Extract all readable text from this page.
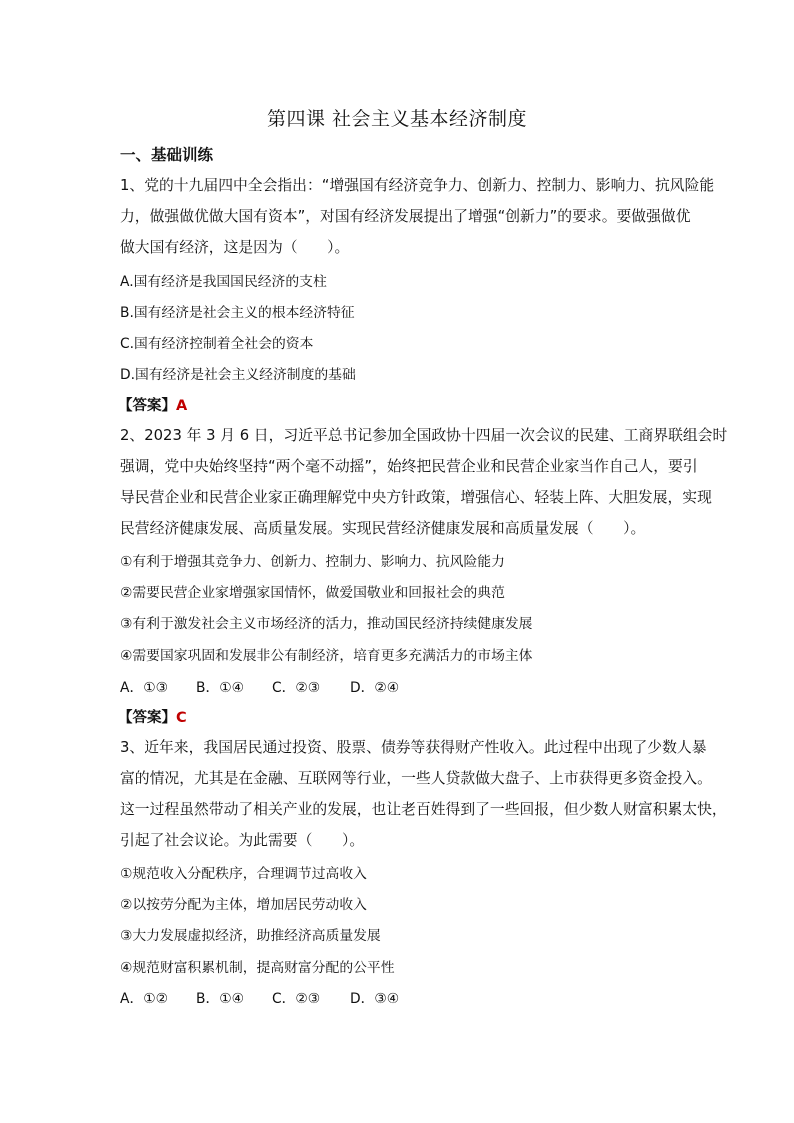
第四课 社会主义基本经济制度
一、基础训练
1、党的十九届四中全会指出：“增强国有经济竞争力、创新力、控制力、影响力、抗风险能
力，做强做优做大国有资本”，对国有经济发展提出了增强“创新力”的要求。要做强做优
做大国有经济，这是因为（　　）。
A.国有经济是我国国民经济的支柱
B.国有经济是社会主义的根本经济特征
C.国有经济控制着全社会的资本
D.国有经济是社会主义经济制度的基础
【答案】A
2、2023 年 3 月 6 日，习近平总书记参加全国政协十四届一次会议的民建、工商界联组会时
强调，党中央始终坚持“两个毫不动摇”，始终把民营企业和民营企业家当作自己人，要引
导民营企业和民营企业家正确理解党中央方针政策，增强信心、轻装上阵、大胆发展，实现
民营经济健康发展、高质量发展。实现民营经济健康发展和高质量发展（　　）。
①有利于增强其竞争力、创新力、控制力、影响力、抗风险能力
②需要民营企业家增强家国情怀，做爱国敬业和回报社会的典范
③有利于激发社会主义市场经济的活力，推动国民经济持续健康发展
④需要国家巩固和发展非公有制经济，培育更多充满活力的市场主体
A．①③ B．①④ C．②③ D．②④
【答案】C
3、近年来，我国居民通过投资、股票、债券等获得财产性收入。此过程中出现了少数人暴
富的情况，尤其是在金融、互联网等行业，一些人贷款做大盘子、上市获得更多资金投入。
这一过程虽然带动了相关产业的发展，也让老百姓得到了一些回报，但少数人财富积累太快，
引起了社会议论。为此需要（　　）。
①规范收入分配秩序，合理调节过高收入
②以按劳分配为主体，增加居民劳动收入
③大力发展虚拟经济，助推经济高质量发展
④规范财富积累机制，提高财富分配的公平性
A．①② B．①④ C．②③ D．③④
